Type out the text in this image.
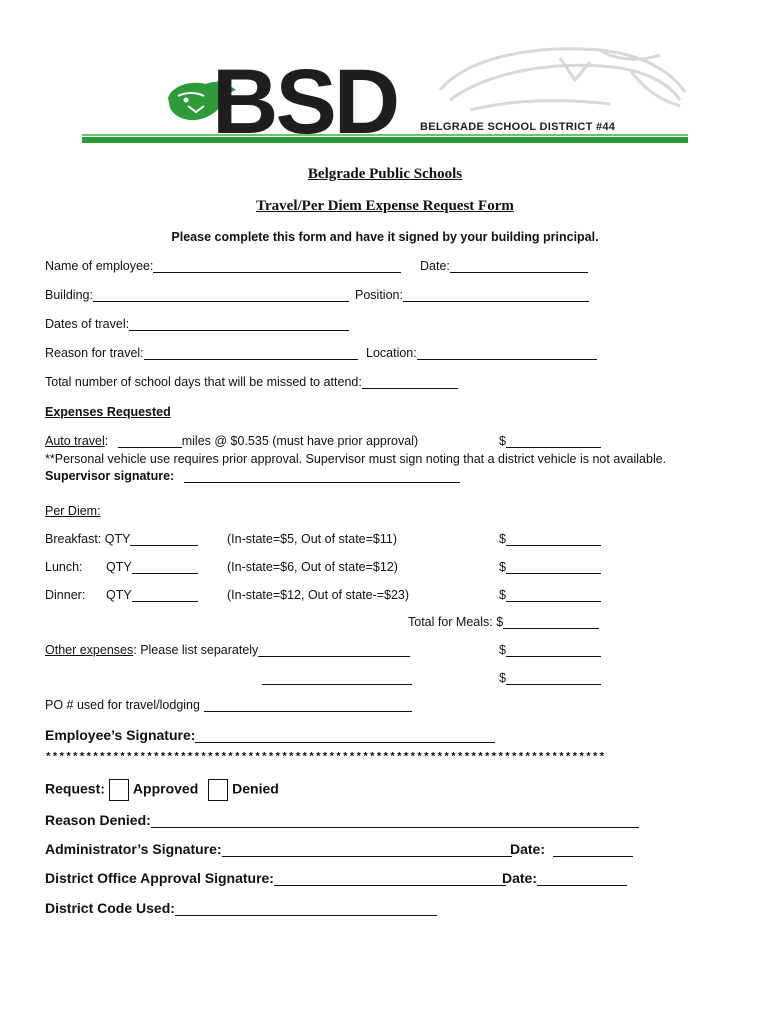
BSD BELGRADE SCHOOL DISTRICT #44
Belgrade Public Schools
Travel/Per Diem Expense Request Form
Please complete this form and have it signed by your building principal.
Name of employee:	Date:
Building:	Position:
Dates of travel:
Reason for travel:	Location:
Total number of school days that will be missed to attend:
Expenses Requested
Auto travel:	miles @ $0.535 (must have prior approval)	$
**Personal vehicle use requires prior approval. Supervisor must sign noting that a district vehicle is not available.
Supervisor signature:
Per Diem:
Breakfast: QTY	(In-state=$5, Out of state=$11)	$
Lunch: QTY	(In-state=$6, Out of state=$12)	$
Dinner: QTY	(In-state=$12, Out of state-=$23)	$
Total for Meals: $
Other expenses: Please list separately	$
$
PO # used for travel/lodging
Employee’s Signature:
***********************************************************************************
Request: Approved Denied
Reason Denied:
Administrator’s Signature:	Date:
District Office Approval Signature:	Date:
District Code Used:
